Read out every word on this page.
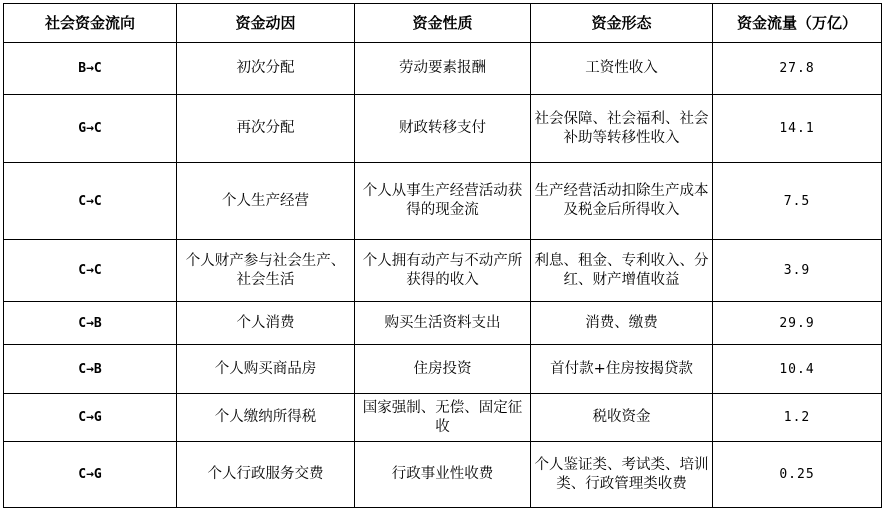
社会资金流向	资金动因	资金性质	资金形态	资金流量（万亿）
B→C	初次分配	劳动要素报酬	工资性收入	27.8
G→C	再次分配	财政转移支付	社会保障、社会福利、社会补助等转移性收入	14.1
C→C	个人生产经营	个人从事生产经营活动获得的现金流	生产经营活动扣除生产成本及税金后所得收入	7.5
C→C	个人财产参与社会生产、社会生活	个人拥有动产与不动产所获得的收入	利息、租金、专利收入、分红、财产增值收益	3.9
C→B	个人消费	购买生活资料支出	消费、缴费	29.9
C→B	个人购买商品房	住房投资	首付款+住房按揭贷款	10.4
C→G	个人缴纳所得税	国家强制、无偿、固定征收	税收资金	1.2
C→G	个人行政服务交费	行政事业性收费	个人鉴证类、考试类、培训类、行政管理类收费	0.25
